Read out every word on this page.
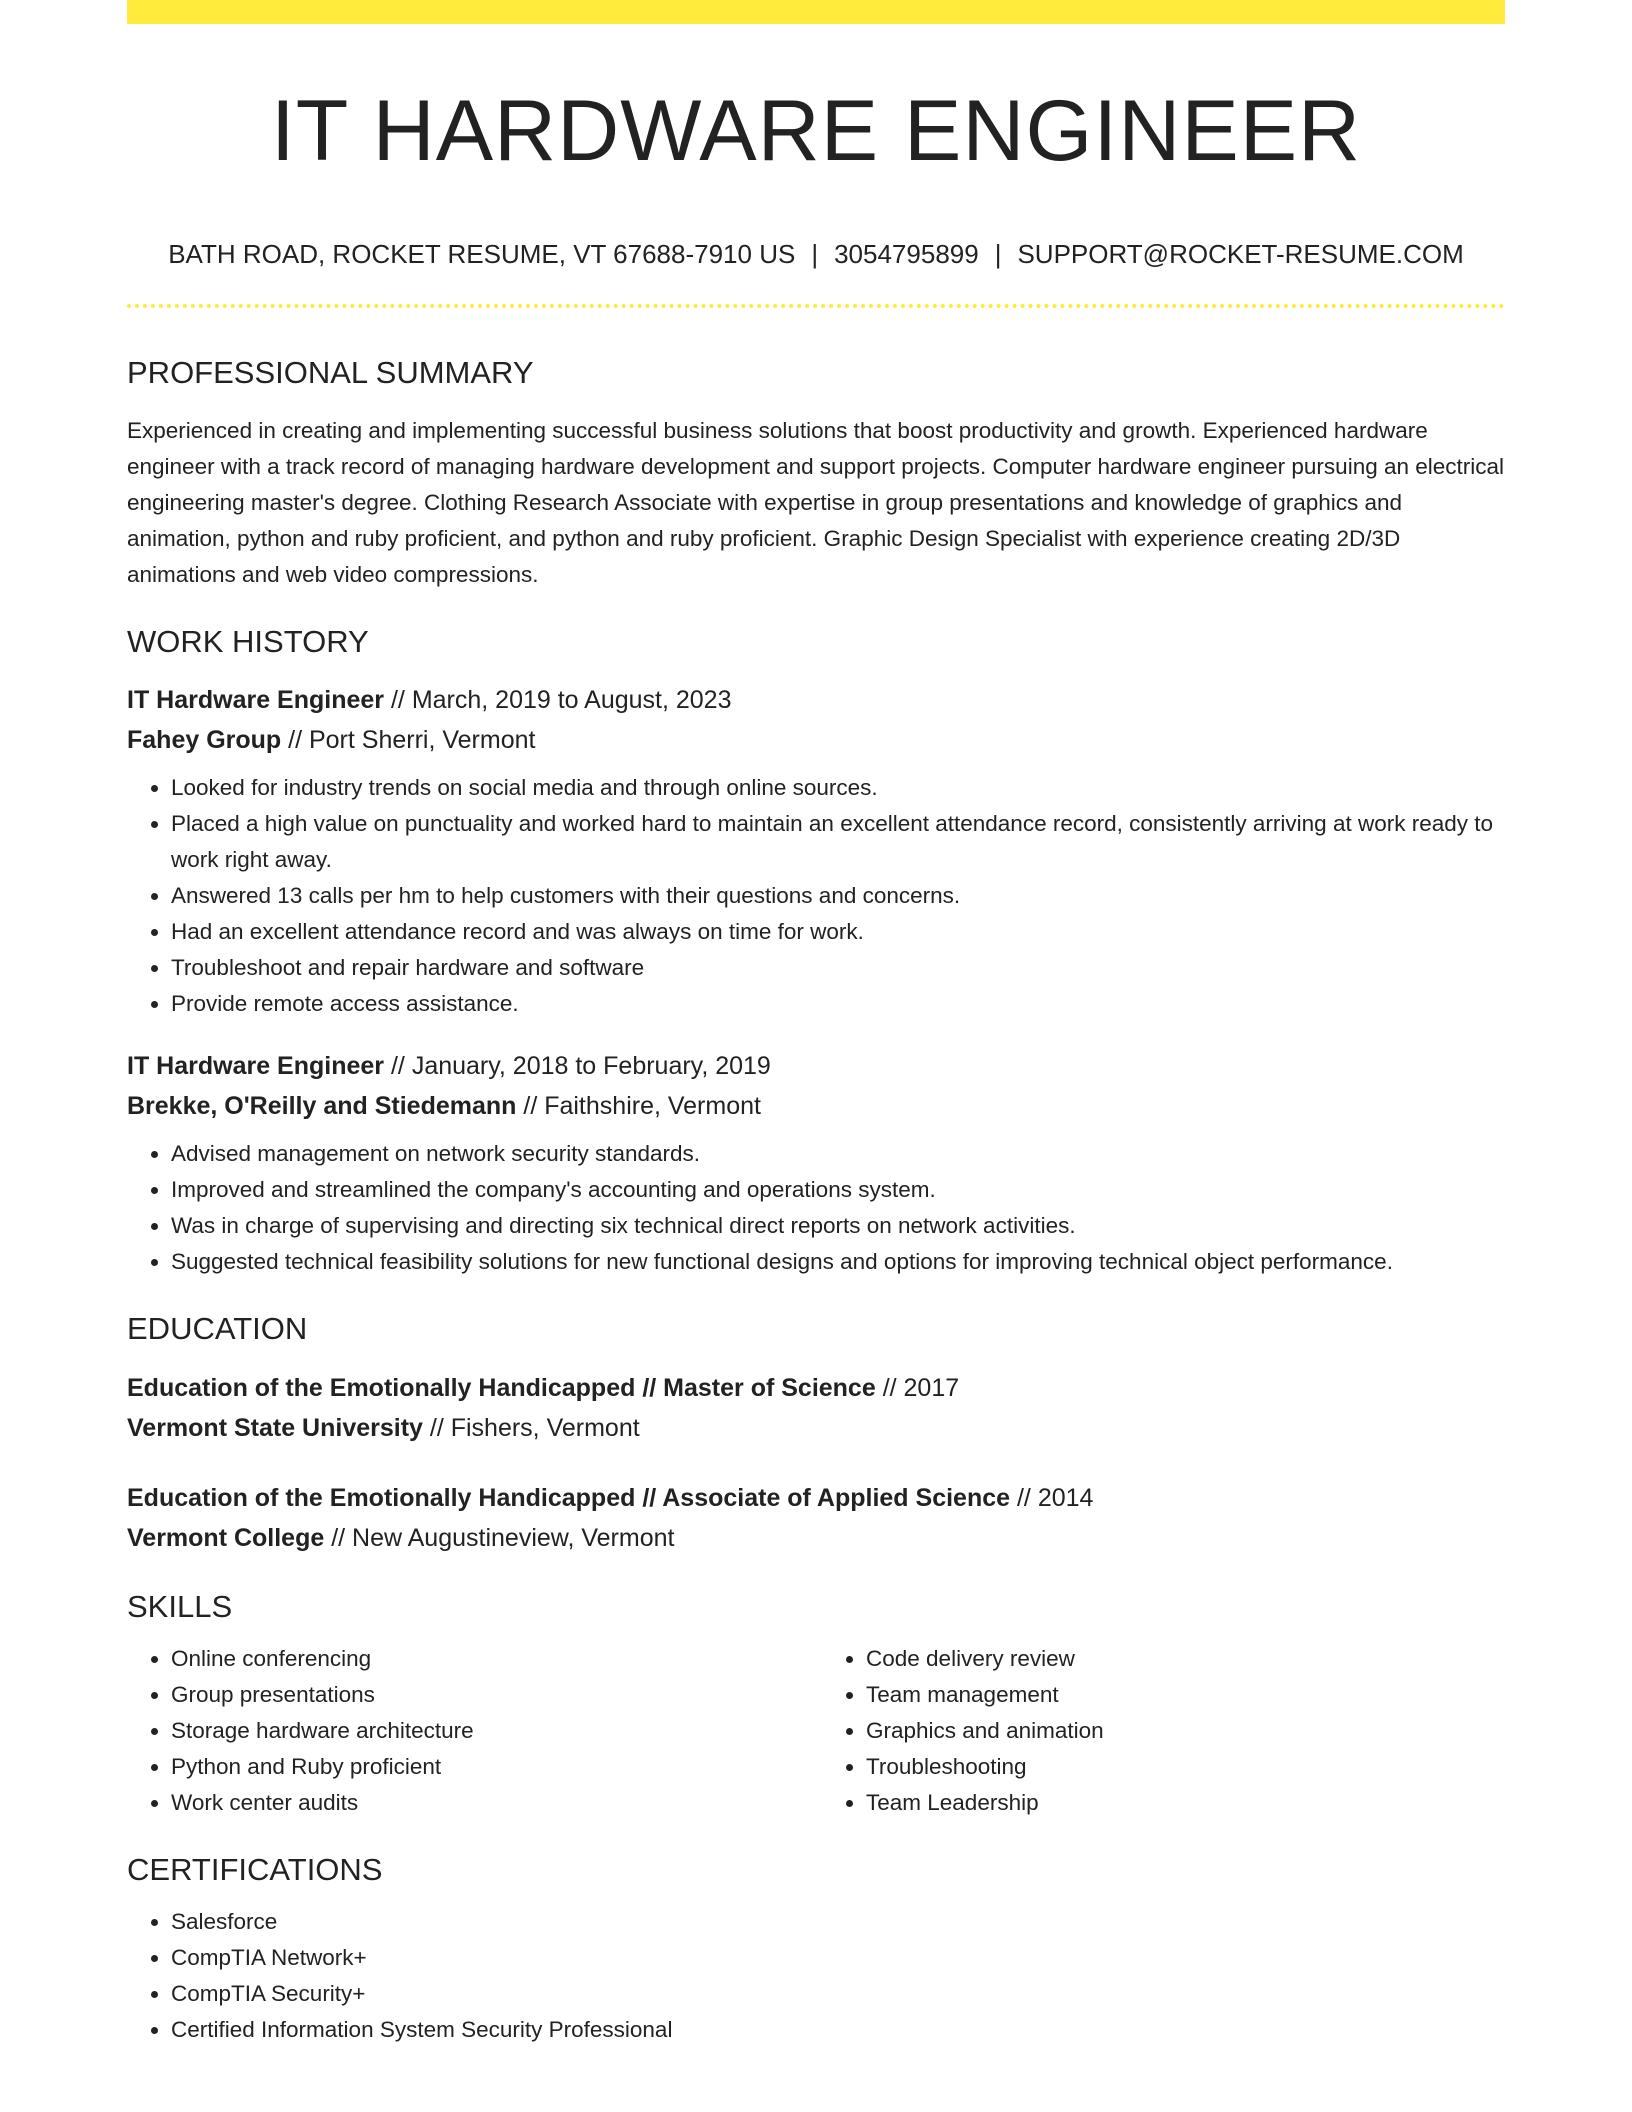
IT HARDWARE ENGINEER
BATH ROAD, ROCKET RESUME, VT 67688-7910 US | 3054795899 | SUPPORT@ROCKET-RESUME.COM
PROFESSIONAL SUMMARY

Experienced in creating and implementing successful business solutions that boost productivity and growth. Experienced hardware engineer with a track record of managing hardware development and support projects. Computer hardware engineer pursuing an electrical engineering master's degree. Clothing Research Associate with expertise in group presentations and knowledge of graphics and animation, python and ruby proficient, and python and ruby proficient. Graphic Design Specialist with experience creating 2D/3D animations and web video compressions.

WORK HISTORY
IT Hardware Engineer // March, 2019 to August, 2023
Fahey Group // Port Sherri, Vermont
• Looked for industry trends on social media and through online sources.
• Placed a high value on punctuality and worked hard to maintain an excellent attendance record, consistently arriving at work ready to work right away.
• Answered 13 calls per hm to help customers with their questions and concerns.
• Had an excellent attendance record and was always on time for work.
• Troubleshoot and repair hardware and software
• Provide remote access assistance.
IT Hardware Engineer // January, 2018 to February, 2019
Brekke, O'Reilly and Stiedemann // Faithshire, Vermont
• Advised management on network security standards.
• Improved and streamlined the company's accounting and operations system.
• Was in charge of supervising and directing six technical direct reports on network activities.
• Suggested technical feasibility solutions for new functional designs and options for improving technical object performance.
EDUCATION
Education of the Emotionally Handicapped // Master of Science // 2017
Vermont State University // Fishers, Vermont
Education of the Emotionally Handicapped // Associate of Applied Science // 2014
Vermont College // New Augustineview, Vermont
SKILLS
• Online conferencing
• Group presentations
• Storage hardware architecture
• Python and Ruby proficient
• Work center audits
• Code delivery review
• Team management
• Graphics and animation
• Troubleshooting
• Team Leadership
CERTIFICATIONS
• Salesforce
• CompTIA Network+
• CompTIA Security+
• Certified Information System Security Professional
